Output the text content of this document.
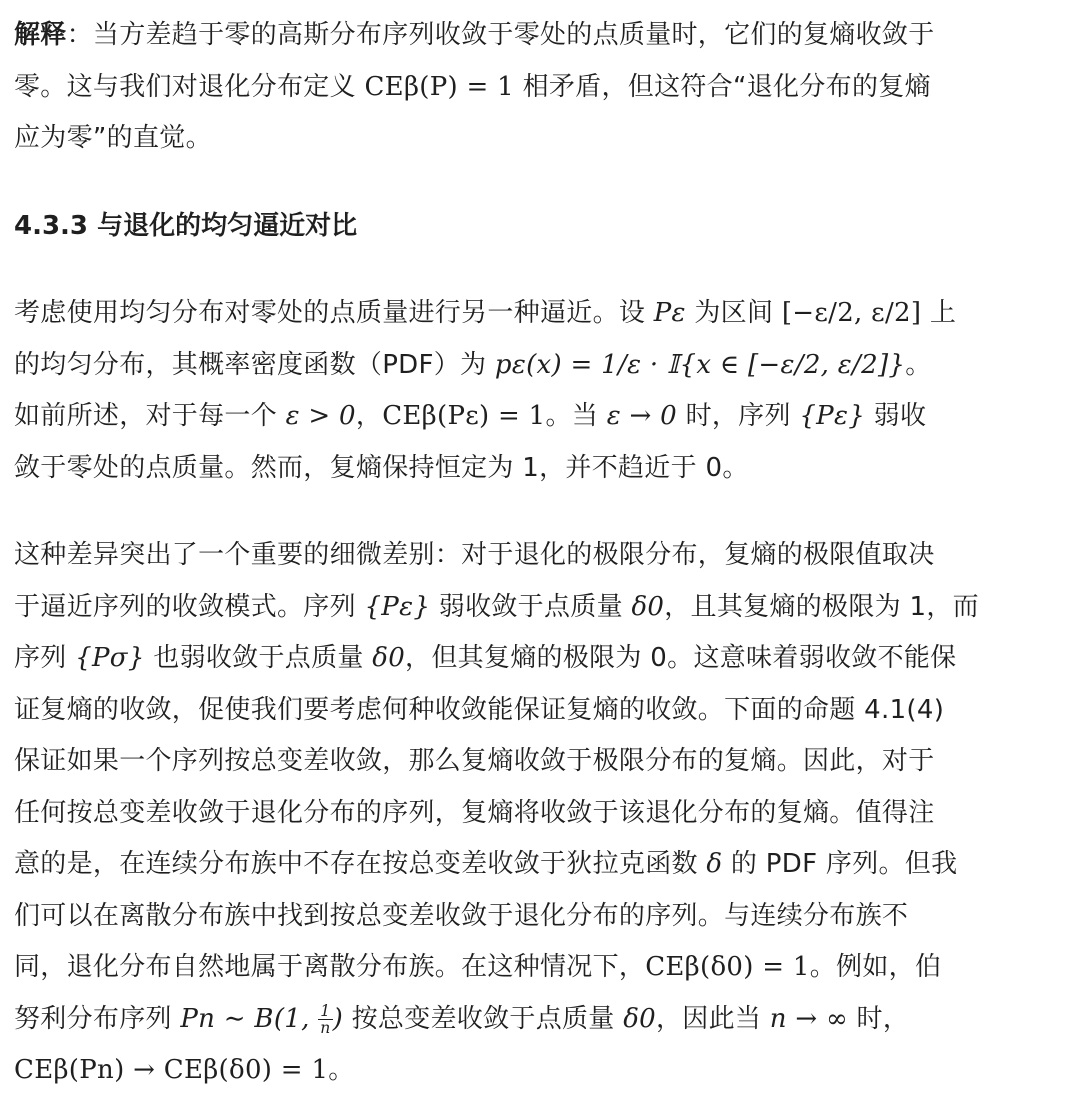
解释：当方差趋于零的高斯分布序列收敛于零处的点质量时，它们的复熵收敛于
零。这与我们对退化分布定义 CEβ(P) = 1 相矛盾，但这符合“退化分布的复熵
应为零”的直觉。

4.3.3 与退化的均匀逼近对比

考虑使用均匀分布对零处的点质量进行另一种逼近。设 Pε 为区间 [−ε/2, ε/2] 上
的均匀分布，其概率密度函数（PDF）为 pε(x) = 1/ε · 𝕀{x ∈ [−ε/2, ε/2]}。
如前所述，对于每一个 ε > 0，CEβ(Pε) = 1。当 ε → 0 时，序列 {Pε} 弱收
敛于零处的点质量。然而，复熵保持恒定为 1，并不趋近于 0。

这种差异突出了一个重要的细微差别：对于退化的极限分布，复熵的极限值取决
于逼近序列的收敛模式。序列 {Pε} 弱收敛于点质量 δ0，且其复熵的极限为 1，而
序列 {Pσ} 也弱收敛于点质量 δ0，但其复熵的极限为 0。这意味着弱收敛不能保
证复熵的收敛，促使我们要考虑何种收敛能保证复熵的收敛。下面的命题 4.1(4)
保证如果一个序列按总变差收敛，那么复熵收敛于极限分布的复熵。因此，对于
任何按总变差收敛于退化分布的序列，复熵将收敛于该退化分布的复熵。值得注
意的是，在连续分布族中不存在按总变差收敛于狄拉克函数 δ 的 PDF 序列。但我
们可以在离散分布族中找到按总变差收敛于退化分布的序列。与连续分布族不
同，退化分布自然地属于离散分布族。在这种情况下，CEβ(δ0) = 1。例如，伯
努利分布序列 Pn ∼ B(1, $\frac{1}{n}$ ) 按总变差收敛于点质量 δ0，因此当 n → ∞ 时，
CEβ(Pn) → CEβ(δ0) = 1。
